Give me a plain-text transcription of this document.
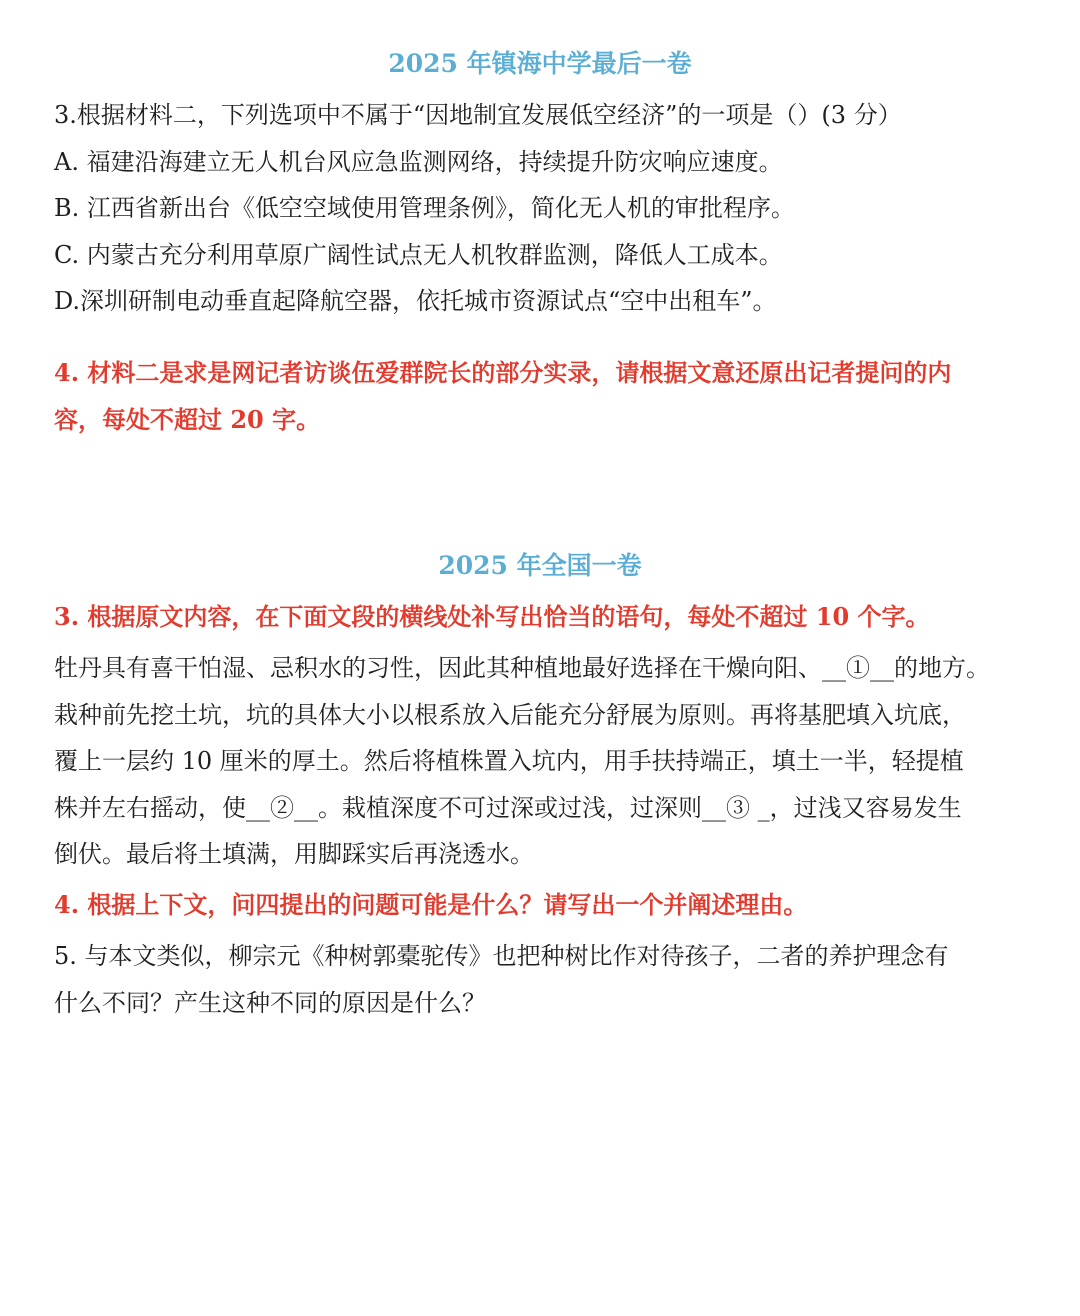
2025 年镇海中学最后一卷
3.根据材料二，下列选项中不属于“因地制宜发展低空经济”的一项是（）(3 分）
A. 福建沿海建立无人机台风应急监测网络，持续提升防灾响应速度。
B. 江西省新出台《低空空域使用管理条例》，简化无人机的审批程序。
C. 内蒙古充分利用草原广阔性试点无人机牧群监测，降低人工成本。
D.深圳研制电动垂直起降航空器，依托城市资源试点“空中出租车”。
4. 材料二是求是网记者访谈伍爱群院长的部分实录，请根据文意还原出记者提问的内
容，每处不超过 20 字。
2025 年全国一卷
3. 根据原文内容，在下面文段的横线处补写出恰当的语句，每处不超过 10 个字。
牡丹具有喜干怕湿、忌积水的习性，因此其种植地最好选择在干燥向阳、__①__的地方。
栽种前先挖土坑，坑的具体大小以根系放入后能充分舒展为原则。再将基肥填入坑底，
覆上一层约 10 厘米的厚土。然后将植株置入坑内，用手扶持端正，填土一半，轻提植
株并左右摇动，使__②__。栽植深度不可过深或过浅，过深则__③ _，过浅又容易发生
倒伏。最后将土填满，用脚踩实后再浇透水。
4. 根据上下文，问四提出的问题可能是什么？请写出一个并阐述理由。
5. 与本文类似，柳宗元《种树郭橐驼传》也把种树比作对待孩子，二者的养护理念有
什么不同？产生这种不同的原因是什么？
